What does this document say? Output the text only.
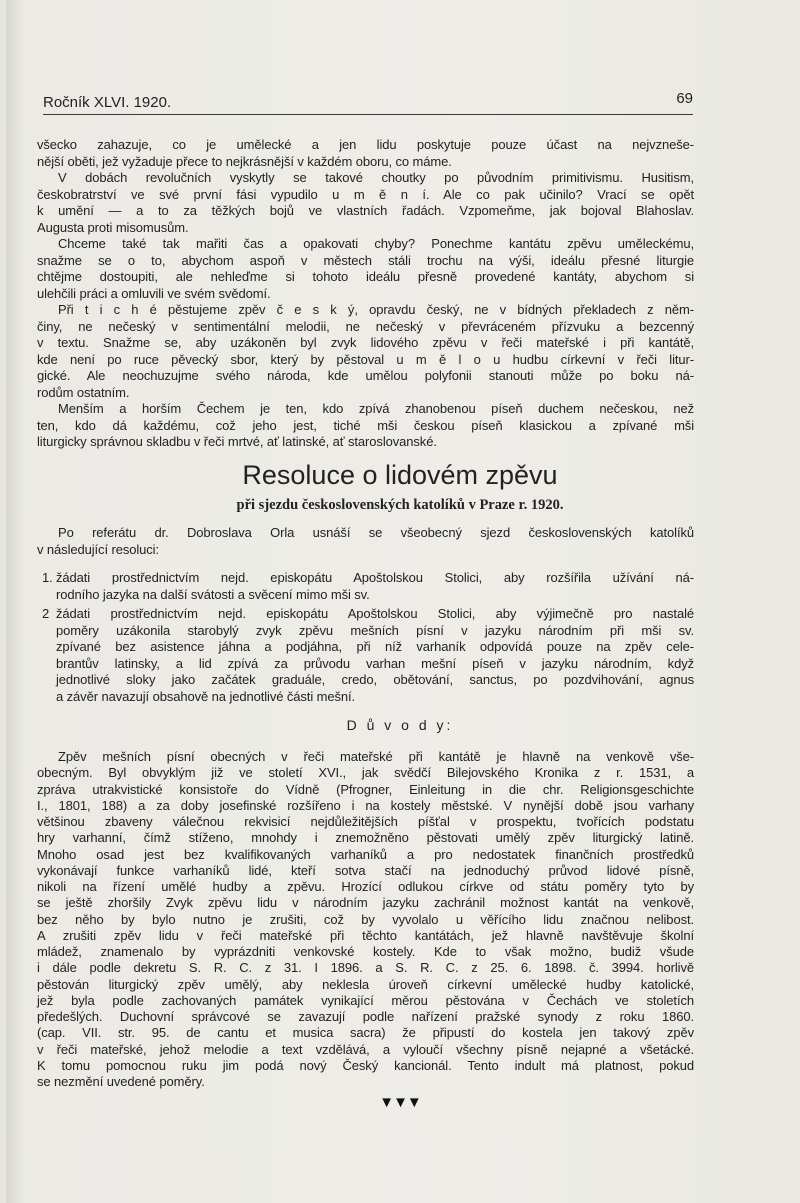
Ročník XLVI. 1920.	69
všecko zahazuje, co je umělecké a jen lidu poskytuje pouze účast na nejvzneše-
nější oběti, jež vyžaduje přece to nejkrásnější v každém oboru, co máme.
V dobách revolučních vyskytly se takové choutky po původním primitivismu. Husitism,
českobratrství ve své první fási vypudilo u m ě n í. Ale co pak učinilo? Vrací se opět
k umění — a to za těžkých bojů ve vlastních řadách. Vzpomeňme, jak bojoval Blahoslav.
Augusta proti misomusům.
Chceme také tak mařiti čas a opakovati chyby? Ponechme kantátu zpěvu uměleckému,
snažme se o to, abychom aspoň v městech stáli trochu na výši, ideálu přesné liturgie
chtějme dostoupiti, ale nehleďme si tohoto ideálu přesně provedené kantáty, abychom si
ulehčili práci a omluvili ve svém svědomí.
Při t i c h é pěstujeme zpěv č e s k ý, opravdu český, ne v bídných překladech z něm-
činy, ne nečeský v sentimentální melodii, ne nečeský v převráceném přízvuku a bezcenný
v textu. Snažme se, aby uzákoněn byl zvyk lidového zpěvu v řeči mateřské i při kantátě,
kde není po ruce pěvecký sbor, který by pěstoval u m ě l o u hudbu církevní v řeči litur-
gické. Ale neochuzujme svého národa, kde umělou polyfonii stanouti může po boku ná-
rodům ostatním.
Menším a horším Čechem je ten, kdo zpívá zhanobenou píseň duchem nečeskou, než
ten, kdo dá každému, což jeho jest, tiché mši českou píseň klasickou a zpívané mši
liturgicky správnou skladbu v řeči mrtvé, ať latinské, ať staroslovanské.
Resoluce o lidovém zpěvu
při sjezdu československých katolíků v Praze r. 1920.
Po referátu dr. Dobroslava Orla usnáší se všeobecný sjezd československých katolíků
v následující resoluci:
1. žádati prostřednictvím nejd. episkopátu Apoštolskou Stolici, aby rozšířila užívání ná-
rodního jazyka na další svátosti a svěcení mimo mši sv.
2 žádati prostřednictvím nejd. episkopátu Apoštolskou Stolici, aby výjimečně pro nastalé
poměry uzákonila starobylý zvyk zpěvu mešních písní v jazyku národním při mši sv.
zpívané bez asistence jáhna a podjáhna, při níž varhaník odpovídá pouze na zpěv cele-
brantův latinsky, a lid zpívá za průvodu varhan mešní píseň v jazyku národním, když
jednotlivé sloky jako začátek graduále, credo, obětování, sanctus, po pozdvihování, agnus
a závěr navazují obsahově na jednotlivé části mešní.
D ů v o d y:
Zpěv mešních písní obecných v řeči mateřské při kantátě je hlavně na venkově vše-
obecným. Byl obvyklým již ve století XVI., jak svědčí Bilejovského Kronika z r. 1531, a
zpráva utrakvistické konsistoře do Vídně (Pfrogner, Einleitung in die chr. Religionsgeschichte
I., 1801, 188) a za doby josefinské rozšířeno i na kostely městské. V nynější době jsou varhany
většinou zbaveny válečnou rekvisicí nejdůležitějších píšťal v prospektu, tvořících podstatu
hry varhanní, čímž stíženo, mnohdy i znemožněno pěstovati umělý zpěv liturgický latině.
Mnoho osad jest bez kvalifikovaných varhaníků a pro nedostatek finančních prostředků
vykonávají funkce varhaníků lidé, kteří sotva stačí na jednoduchý průvod lidové písně,
nikoli na řízení umělé hudby a zpěvu. Hrozící odlukou církve od státu poměry tyto by
se ještě zhoršily Zvyk zpěvu lidu v národním jazyku zachránil možnost kantát na venkově,
bez něho by bylo nutno je zrušiti, což by vyvolalo u věřícího lidu značnou nelibost.
A zrušiti zpěv lidu v řeči mateřské při těchto kantátách, jež hlavně navštěvuje školní
mládež, znamenalo by vyprázdniti venkovské kostely. Kde to však možno, budiž všude
i dále podle dekretu S. R. C. z 31. I 1896. a S. R. C. z 25. 6. 1898. č. 3994. horlivě
pěstován liturgický zpěv umělý, aby neklesla úroveň církevní umělecké hudby katolické,
jež byla podle zachovaných památek vynikající měrou pěstována v Čechách ve stoletích
předešlých. Duchovní správcové se zavazují podle nařízení pražské synody z roku 1860.
(cap. VII. str. 95. de cantu et musica sacra) že připustí do kostela jen takový zpěv
v řeči mateřské, jehož melodie a text vzdělává, a vyloučí všechny písně nejapné a všetácké.
K tomu pomocnou ruku jim podá nový Český kancionál. Tento indult má platnost, pokud
se nezmění uvedené poměry.
▼▼▼
